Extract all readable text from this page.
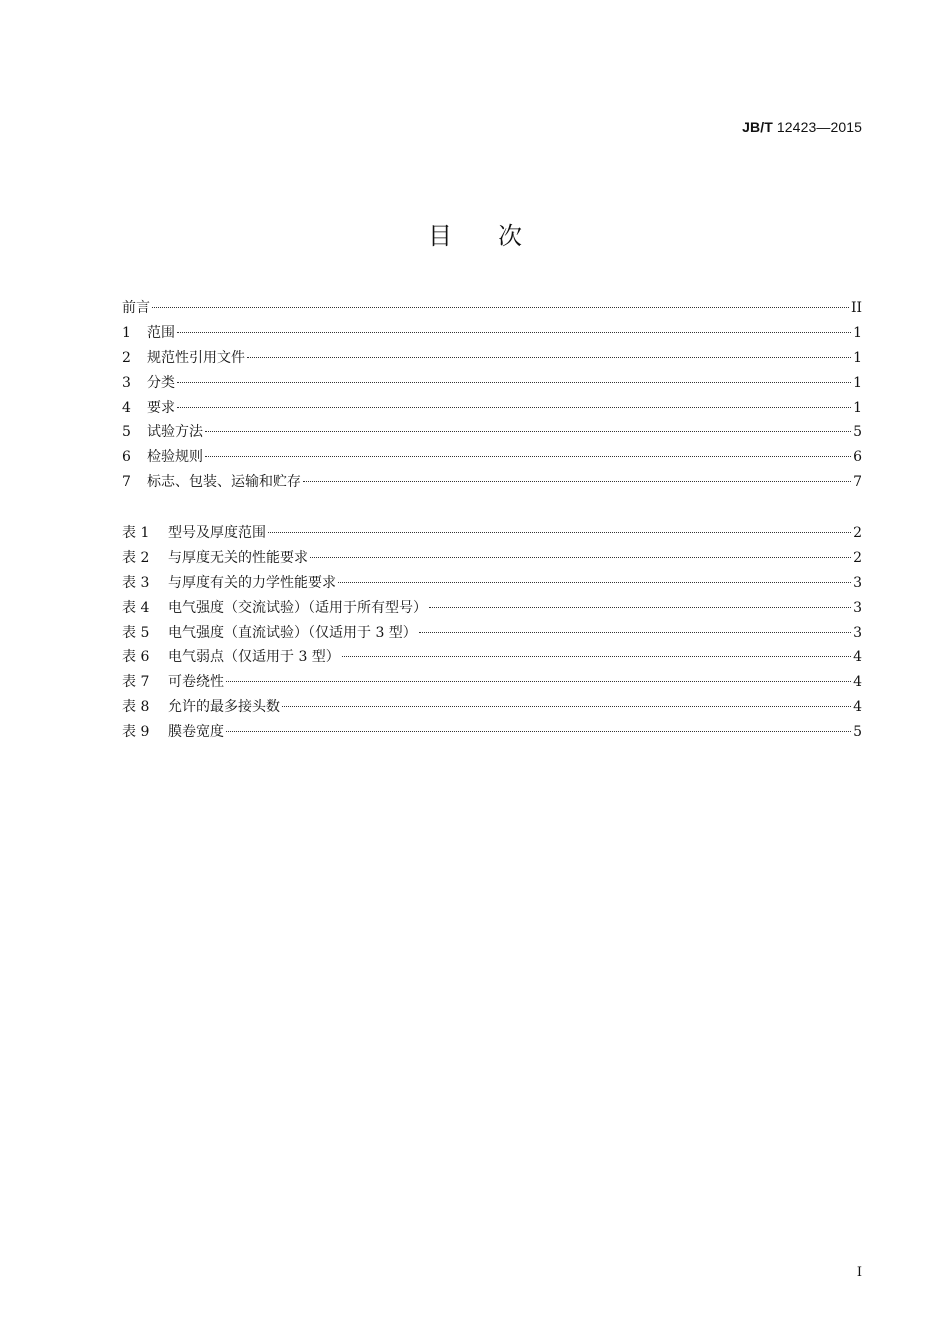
JB/T 12423—2015
目次
前言	II
1	范围	1
2	规范性引用文件	1
3	分类	1
4	要求	1
5	试验方法	5
6	检验规则	6
7	标志、包装、运输和贮存	7
表 1	型号及厚度范围	2
表 2	与厚度无关的性能要求	2
表 3	与厚度有关的力学性能要求	3
表 4	电气强度（交流试验）（适用于所有型号）	3
表 5	电气强度（直流试验）（仅适用于 3 型）	3
表 6	电气弱点（仅适用于 3 型）	4
表 7	可卷绕性	4
表 8	允许的最多接头数	4
表 9	膜卷宽度	5
I
